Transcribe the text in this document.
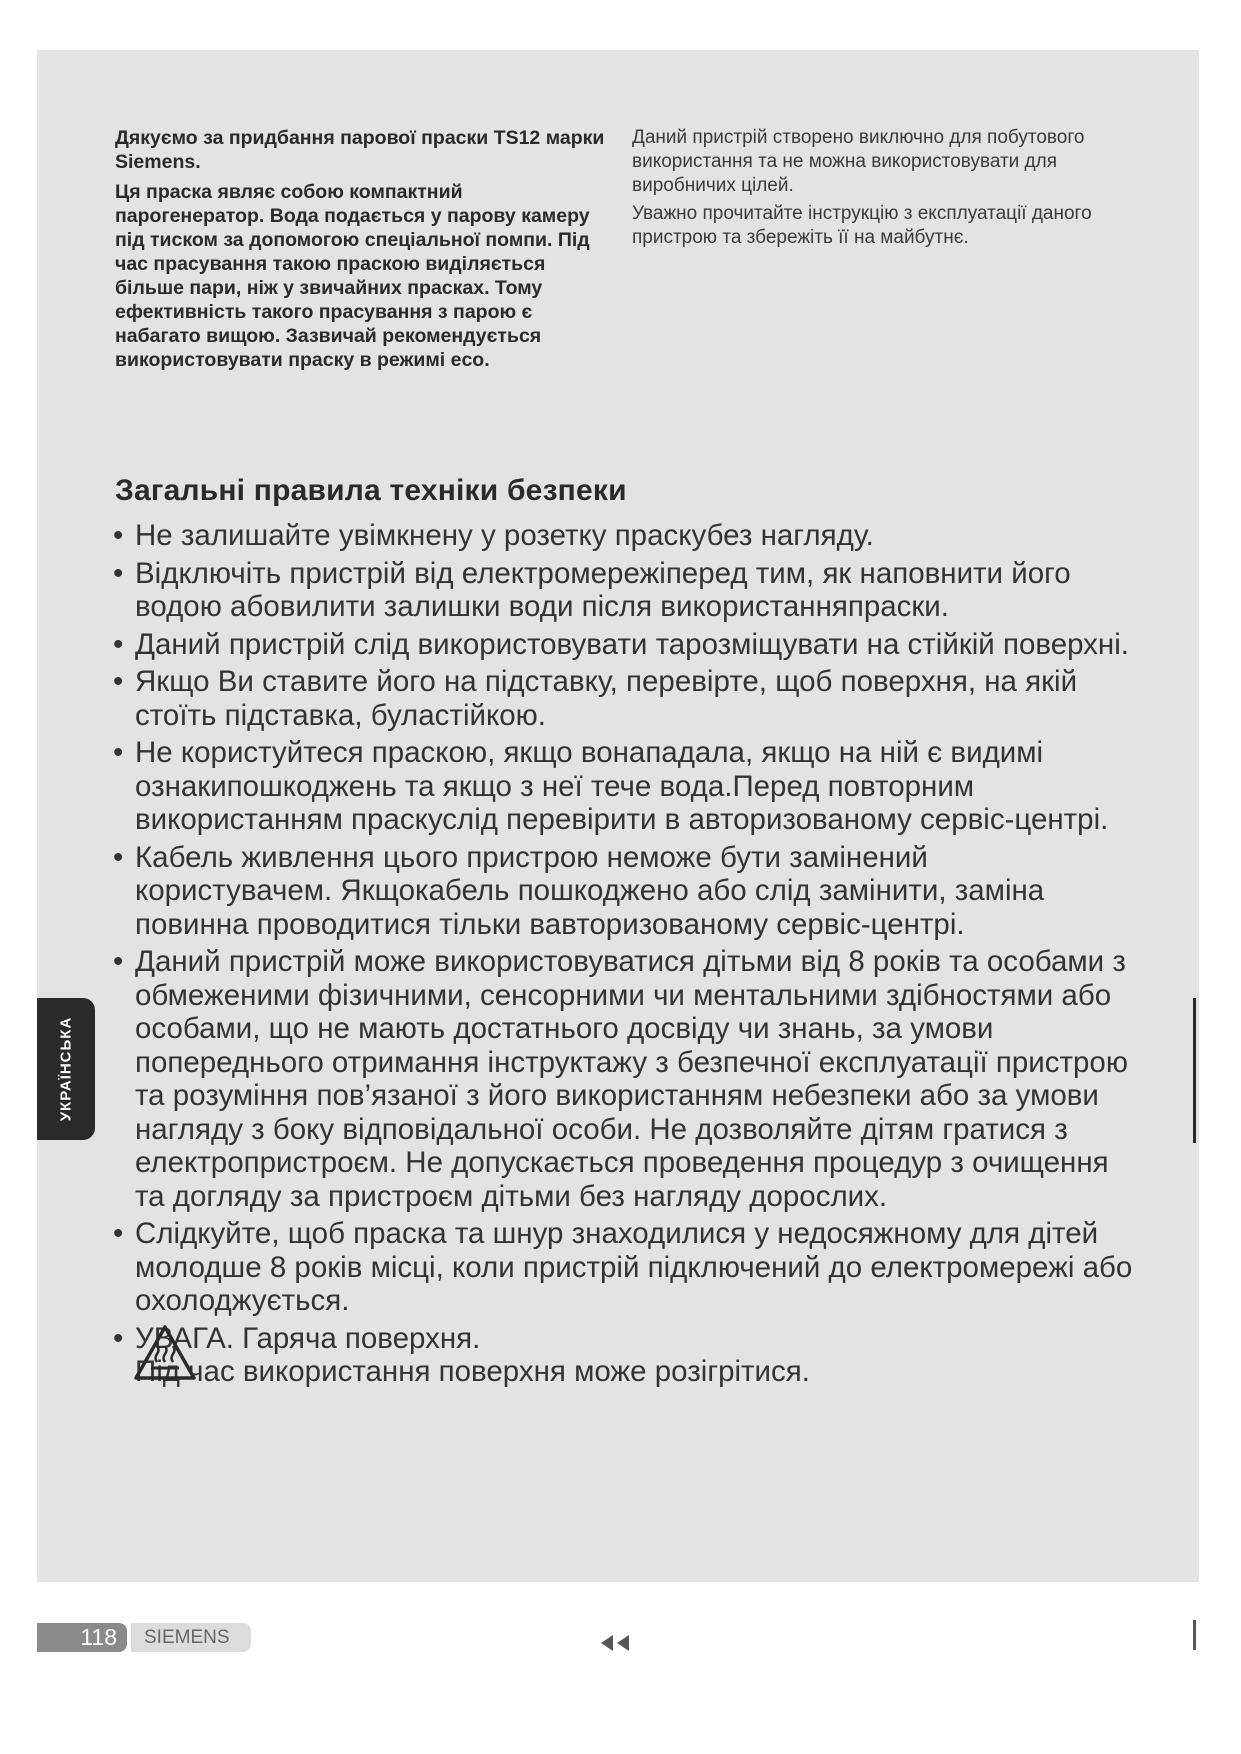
Дякуємо за придбання парової праски TS12 марки Siemens.

Ця праска являє собою компактний парогенератор. Вода подається у парову камеру під тиском за допомогою спеціальної помпи. Під час прасування такою праскою виділяється більше пари, ніж у звичайних прасках. Тому ефективність такого прасування з парою є набагато вищою. Зазвичай рекомендується використовувати праску в режимі eco.

Даний пристрій створено виключно для побутового використання та не можна використовувати для виробничих цілей.

Уважно прочитайте інструкцію з експлуатації даного пристрою та збережіть її на майбутнє.

Загальні правила техніки безпеки
• Не залишайте увімкнену у розетку праскубез нагляду.
• Відключіть пристрій від електромережіперед тим, як наповнити його водою абовилити залишки води після використанняпраски.
• Даний пристрій слід використовувати тарозміщувати на стійкій поверхні.
• Якщо Ви ставите його на підставку, перевірте, щоб поверхня, на якій стоїть підставка, буластійкою.
• Не користуйтеся праскою, якщо вонападала, якщо на ній є видимі ознакипошкоджень та якщо з неї тече вода.Перед повторним використанням праскуслід перевірити в авторизованому сервіс-центрі.
• Кабель живлення цього пристрою неможе бути замінений користувачем. Якщокабель пошкоджено або слід замінити, заміна повинна проводитися тільки вавторизованому сервіс-центрі.
• Даний пристрій може використовуватися дітьми від 8 років та особами з обмеженими фізичними, сенсорними чи ментальними здібностями або особами, що не мають достатнього досвіду чи знань, за умови попереднього отримання інструктажу з безпечної експлуатації пристрою та розуміння пов’язаної з його використанням небезпеки або за умови нагляду з боку відповідальної особи. Не дозволяйте дітям гратися з електропристроєм. Не допускається проведення процедур з очищення та догляду за пристроєм дітьми без нагляду дорослих.
• Слідкуйте, щоб праска та шнур знаходилися у недосяжному для дітей молодше 8 років місці, коли пристрій підключений до електромережі або охолоджується.
• УВАГА. Гаряча поверхня.
Під час використання поверхня може розігрітися.
УКРАЇНСЬКА
118	SIEMENS
